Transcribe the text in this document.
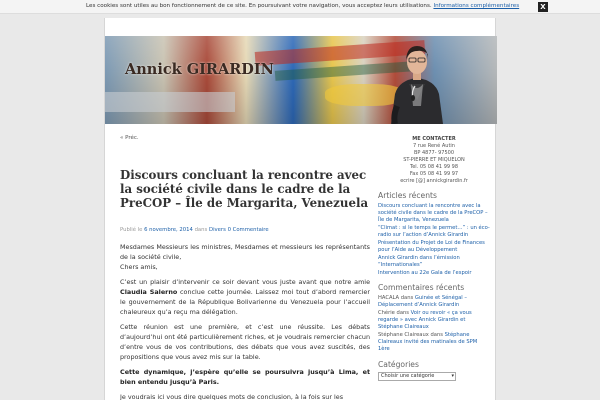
Les cookies sont utiles au bon fonctionnement de ce site. En poursuivant votre navigation, vous acceptez leurs utilisations. Informations complémentaires	X
Annick GIRARDIN
« Préc.
Discours concluant la rencontre avec la société civile dans le cadre de la PreCOP – Île de Margarita, Venezuela
Publié le 6 novembre, 2014 dans Divers 0 Commentaire

Mesdames Messieurs les ministres, Mesdames et messieurs les représentants de la société civile,
Chers amis,

C’est un plaisir d’intervenir ce soir devant vous juste avant que notre amie Claudia Salerno conclue cette journée. Laissez moi tout d’abord remercier le gouvernement de la République Bolivarienne du Venezuela pour l’accueil chaleureux qu’a reçu ma délégation.

Cette réunion est une première, et c’est une réussite. Les débats d’aujourd’hui ont été particulièrement riches, et je voudrais remercier chacun d’entre vous de vos contributions, des débats que vous avez suscités, des propositions que vous avez mis sur la table.

Cette dynamique, j’espère qu’elle se poursuivra jusqu’à Lima, et bien entendu jusqu’à Paris.

Je voudrais ici vous dire quelques mots de conclusion, à la fois sur les

ME CONTACTER
7 rue René Autin
BP 4877- 97500
ST-PIERRE ET MIQUELON
Tel. 05 08 41 99 98
Fax 05 08 41 99 97
ecrire [@] annickgirardin.fr
Articles récents
Discours concluant la rencontre avec la société civile dans le cadre de la PreCOP – Île de Margarita, Venezuela
“Climat : si le temps le permet…” : un éco-radio sur l’action d’Annick Girardin
Présentation du Projet de Loi de Finances pour l’Aide au Développement
Annick Girardin dans l’émission “Internationales”
Intervention au 22e Gala de l’espoir
Commentaires récents
HACALA dans Guinée et Sénégal – Déplacement d’Annick Girardin
Chérie dans Voir ou revoir « ça vous regarde » avec Annick Girardin et Stéphane Claireaux
Stéphane Claireaux dans Stéphane Claireaux invité des matinales de SPM 1ère
Catégories
Choisir une catégorie	▾
